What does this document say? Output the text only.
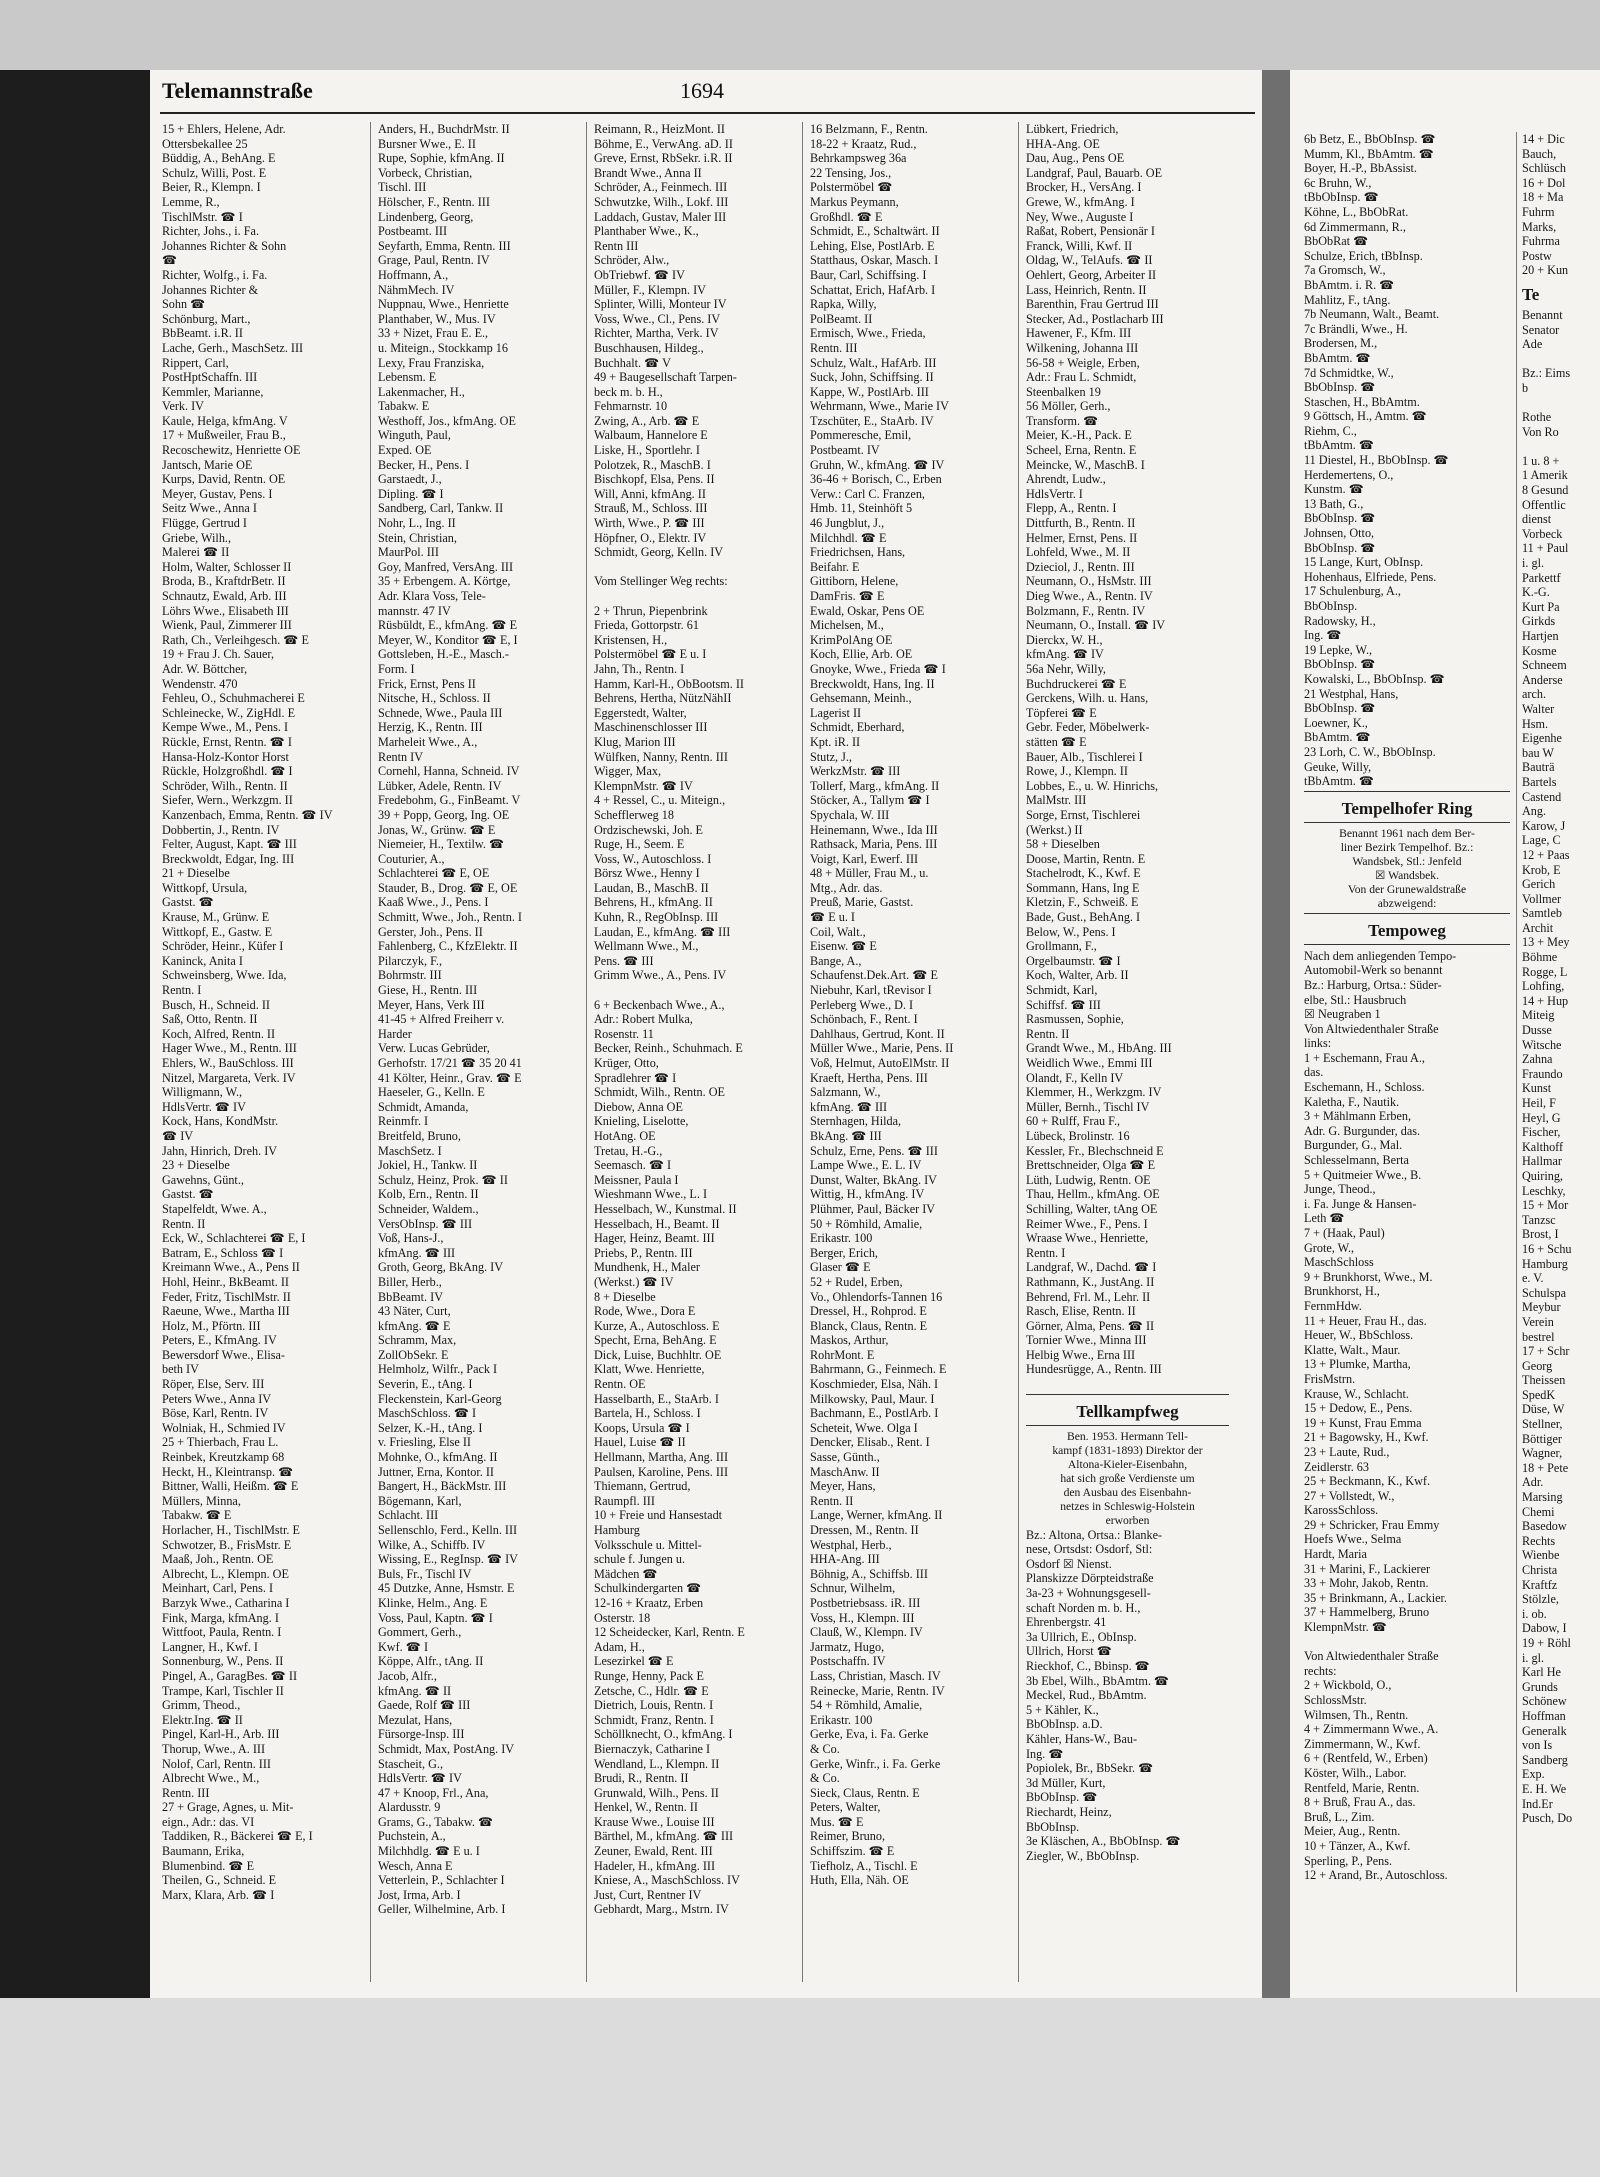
Telemannstraße	1694
15 + Ehlers, Helene, Adr.
Ottersbekallee 25
Büddig, A., BehAng. E
Schulz, Willi, Post. E
Beier, R., Klempn. I
Lemme, R.,
TischlMstr. ☎ I
Richter, Johs., i. Fa.
Johannes Richter & Sohn
☎
Richter, Wolfg., i. Fa.
Johannes Richter &
Sohn ☎
Schönburg, Mart.,
BbBeamt. i.R. II
Lache, Gerh., MaschSetz. III
Rippert, Carl,
PostHptSchaffn. III
Kemmler, Marianne,
Verk. IV
Kaule, Helga, kfmAng. V
17 + Mußweiler, Frau B.,
Recoschewitz, Henriette OE
Jantsch, Marie OE
Kurps, David, Rentn. OE
Meyer, Gustav, Pens. I
Seitz Wwe., Anna I
Flügge, Gertrud I
Griebe, Wilh.,
Malerei ☎ II
Holm, Walter, Schlosser II
Broda, B., KraftdrBetr. II
Schnautz, Ewald, Arb. III
Löhrs Wwe., Elisabeth III
Wienk, Paul, Zimmerer III
Rath, Ch., Verleihgesch. ☎ E
19 + Frau J. Ch. Sauer,
Adr. W. Böttcher,
Wendenstr. 470
Fehleu, O., Schuhmacherei E
Schleinecke, W., ZigHdl. E
Kempe Wwe., M., Pens. I
Rückle, Ernst, Rentn. ☎ I
Hansa-Holz-Kontor Horst
Rückle, Holzgroßhdl. ☎ I
Schröder, Wilh., Rentn. II
Siefer, Wern., Werkzgm. II
Kanzenbach, Emma, Rentn. ☎ IV
Dobbertin, J., Rentn. IV
Felter, August, Kapt. ☎ III
Breckwoldt, Edgar, Ing. III
21 + Dieselbe
Wittkopf, Ursula,
Gastst. ☎
Krause, M., Grünw. E
Wittkopf, E., Gastw. E
Schröder, Heinr., Küfer I
Kaninck, Anita I
Schweinsberg, Wwe. Ida,
Rentn. I
Busch, H., Schneid. II
Saß, Otto, Rentn. II
Koch, Alfred, Rentn. II
Hager Wwe., M., Rentn. III
Ehlers, W., BauSchloss. III
Nitzel, Margareta, Verk. IV
Willigmann, W.,
HdlsVertr. ☎ IV
Kock, Hans, KondMstr.
☎ IV
Jahn, Hinrich, Dreh. IV
23 + Dieselbe
Gawehns, Günt.,
Gastst. ☎
Stapelfeldt, Wwe. A.,
Rentn. II
Eck, W., Schlachterei ☎ E, I
Batram, E., Schloss ☎ I
Kreimann Wwe., A., Pens II
Hohl, Heinr., BkBeamt. II
Feder, Fritz, TischlMstr. II
Raeune, Wwe., Martha III
Holz, M., Pförtn. III
Peters, E., KfmAng. IV
Bewersdorf Wwe., Elisa-
beth IV
Röper, Else, Serv. III
Peters Wwe., Anna IV
Böse, Karl, Rentn. IV
Wolniak, H., Schmied IV
25 + Thierbach, Frau L.
Reinbek, Kreutzkamp 68
Heckt, H., Kleintransp. ☎
Bittner, Walli, Heißm. ☎ E
Müllers, Minna,
Tabakw. ☎ E
Horlacher, H., TischlMstr. E
Schwotzer, B., FrisMstr. E
Maaß, Joh., Rentn. OE
Albrecht, L., Klempn. OE
Meinhart, Carl, Pens. I
Barzyk Wwe., Catharina I
Fink, Marga, kfmAng. I
Wittfoot, Paula, Rentn. I
Langner, H., Kwf. I
Sonnenburg, W., Pens. II
Pingel, A., GaragBes. ☎ II
Trampe, Karl, Tischler II
Grimm, Theod.,
Elektr.Ing. ☎ II
Pingel, Karl-H., Arb. III
Thorup, Wwe., A. III
Nolof, Carl, Rentn. III
Albrecht Wwe., M.,
Rentn. III
27 + Grage, Agnes, u. Mit-
eign., Adr.: das. VI
Taddiken, R., Bäckerei ☎ E, I
Baumann, Erika,
Blumenbind. ☎ E
Theilen, G., Schneid. E
Marx, Klara, Arb. ☎ I
Anders, H., BuchdrMstr. II
Bursner Wwe., E. II
Rupe, Sophie, kfmAng. II
Vorbeck, Christian,
Tischl. III
Hölscher, F., Rentn. III
Lindenberg, Georg,
Postbeamt. III
Seyfarth, Emma, Rentn. III
Grage, Paul, Rentn. IV
Hoffmann, A.,
NähmMech. IV
Nuppnau, Wwe., Henriette
Planthaber, W., Mus. IV
33 + Nizet, Frau E. E.,
u. Miteign., Stockkamp 16
Lexy, Frau Franziska,
Lebensm. E
Lakenmacher, H.,
Tabakw. E
Westhoff, Jos., kfmAng. OE
Winguth, Paul,
Exped. OE
Becker, H., Pens. I
Garstaedt, J.,
Dipling. ☎ I
Sandberg, Carl, Tankw. II
Nohr, L., Ing. II
Stein, Christian,
MaurPol. III
Goy, Manfred, VersAng. III
35 + Erbengem. A. Körtge,
Adr. Klara Voss, Tele-
mannstr. 47 IV
Rüsbüldt, E., kfmAng. ☎ E
Meyer, W., Konditor ☎ E, I
Gottsleben, H.-E., Masch.-
Form. I
Frick, Ernst, Pens II
Nitsche, H., Schloss. II
Schnede, Wwe., Paula III
Herzig, K., Rentn. III
Marheleit Wwe., A.,
Rentn IV
Cornehl, Hanna, Schneid. IV
Lübker, Adele, Rentn. IV
Fredebohm, G., FinBeamt. V
39 + Popp, Georg, Ing. OE
Jonas, W., Grünw. ☎ E
Niemeier, H., Textilw. ☎
Couturier, A.,
Schlachterei ☎ E, OE
Stauder, B., Drog. ☎ E, OE
Kaaß Wwe., J., Pens. I
Schmitt, Wwe., Joh., Rentn. I
Gerster, Joh., Pens. II
Fahlenberg, C., KfzElektr. II
Pilarczyk, F.,
Bohrmstr. III
Giese, H., Rentn. III
Meyer, Hans, Verk III
41-45 + Alfred Freiherr v.
Harder
Verw. Lucas Gebrüder,
Gerhofstr. 17/21 ☎ 35 20 41
41 Költer, Heinr., Grav. ☎ E
Haeseler, G., Kelln. E
Schmidt, Amanda,
Reinmfr. I
Breitfeld, Bruno,
MaschSetz. I
Jokiel, H., Tankw. II
Schulz, Heinz, Prok. ☎ II
Kolb, Ern., Rentn. II
Schneider, Waldem.,
VersObInsp. ☎ III
Voß, Hans-J.,
kfmAng. ☎ III
Groth, Georg, BkAng. IV
Biller, Herb.,
BbBeamt. IV
43 Näter, Curt,
kfmAng. ☎ E
Schramm, Max,
ZollObSekr. E
Helmholz, Wilfr., Pack I
Severin, E., tAng. I
Fleckenstein, Karl-Georg
MaschSchloss. ☎ I
Selzer, K.-H., tAng. I
v. Friesling, Else II
Mohnke, O., kfmAng. II
Juttner, Erna, Kontor. II
Bangert, H., BäckMstr. III
Bögemann, Karl,
Schlacht. III
Sellenschlo, Ferd., Kelln. III
Wilke, A., Schiffb. IV
Wissing, E., RegInsp. ☎ IV
Buls, Fr., Tischl IV
45 Dutzke, Anne, Hsmstr. E
Klinke, Helm., Ang. E
Voss, Paul, Kaptn. ☎ I
Gommert, Gerh.,
Kwf. ☎ I
Köppe, Alfr., tAng. II
Jacob, Alfr.,
kfmAng. ☎ II
Gaede, Rolf ☎ III
Mezulat, Hans,
Fürsorge-Insp. III
Schmidt, Max, PostAng. IV
Stascheit, G.,
HdlsVertr. ☎ IV
47 + Knoop, Frl., Ana,
Alardusstr. 9
Grams, G., Tabakw. ☎
Puchstein, A.,
Milchhdlg. ☎ E u. I
Wesch, Anna E
Vetterlein, P., Schlachter I
Jost, Irma, Arb. I
Geller, Wilhelmine, Arb. I
Reimann, R., HeizMont. II
Böhme, E., VerwAng. aD. II
Greve, Ernst, RbSekr. i.R. II
Brandt Wwe., Anna II
Schröder, A., Feinmech. III
Schwutzke, Wilh., Lokf. III
Laddach, Gustav, Maler III
Planthaber Wwe., K.,
Rentn III
Schröder, Alw.,
ObTriebwf. ☎ IV
Müller, F., Klempn. IV
Splinter, Willi, Monteur IV
Voss, Wwe., Cl., Pens. IV
Richter, Martha, Verk. IV
Buschhausen, Hildeg.,
Buchhalt. ☎ V
49 + Baugesellschaft Tarpen-
beck m. b. H.,
Fehmarnstr. 10
Zwing, A., Arb. ☎ E
Walbaum, Hannelore E
Liske, H., Sportlehr. I
Polotzek, R., MaschB. I
Bischkopf, Elsa, Pens. II
Will, Anni, kfmAng. II
Strauß, M., Schloss. III
Wirth, Wwe., P. ☎ III
Höpfner, O., Elektr. IV
Schmidt, Georg, Kelln. IV

Vom Stellinger Weg rechts:

2 + Thrun, Piepenbrink
Frieda, Gottorpstr. 61
Kristensen, H.,
Polstermöbel ☎ E u. I
Jahn, Th., Rentn. I
Hamm, Karl-H., ObBootsm. II
Behrens, Hertha, NützNähII
Eggerstedt, Walter,
Maschinenschlosser III
Klug, Marion III
Wülfken, Nanny, Rentn. III
Wigger, Max,
KlempnMstr. ☎ IV
4 + Ressel, C., u. Miteign.,
Schefflerweg 18
Ordzischewski, Joh. E
Ruge, H., Seem. E
Voss, W., Autoschloss. I
Börsz Wwe., Henny I
Laudan, B., MaschB. II
Behrens, H., kfmAng. II
Kuhn, R., RegObInsp. III
Laudan, E., kfmAng. ☎ III
Wellmann Wwe., M.,
Pens. ☎ III
Grimm Wwe., A., Pens. IV

6 + Beckenbach Wwe., A.,
Adr.: Robert Mulka,
Rosenstr. 11
Becker, Reinh., Schuhmach. E
Krüger, Otto,
Spradlehrer ☎ I
Schmidt, Wilh., Rentn. OE
Diebow, Anna OE
Knieling, Liselotte,
HotAng. OE
Tretau, H.-G.,
Seemasch. ☎ I
Meissner, Paula I
Wieshmann Wwe., L. I
Hesselbach, W., Kunstmal. II
Hesselbach, H., Beamt. II
Hager, Heinz, Beamt. III
Priebs, P., Rentn. III
Mundhenk, H., Maler
(Werkst.) ☎ IV
8 + Dieselbe
Rode, Wwe., Dora E
Kurze, A., Autoschloss. E
Specht, Erna, BehAng. E
Dick, Luise, Buchhltr. OE
Klatt, Wwe. Henriette,
Rentn. OE
Hasselbarth, E., StaArb. I
Bartela, H., Schloss. I
Koops, Ursula ☎ I
Hauel, Luise ☎ II
Hellmann, Martha, Ang. III
Paulsen, Karoline, Pens. III
Thiemann, Gertrud,
Raumpfl. III
10 + Freie und Hansestadt
Hamburg
Volksschule u. Mittel-
schule f. Jungen u.
Mädchen ☎
Schulkindergarten ☎
12-16 + Kraatz, Erben
Osterstr. 18
12 Scheidecker, Karl, Rentn. E
Adam, H.,
Lesezirkel ☎ E
Runge, Henny, Pack E
Zetsche, C., Hdlr. ☎ E
Dietrich, Louis, Rentn. I
Schmidt, Franz, Rentn. I
Schöllknecht, O., kfmAng. I
Biernaczyk, Catharine I
Wendland, L., Klempn. II
Brudi, R., Rentn. II
Grunwald, Wilh., Pens. II
Henkel, W., Rentn. II
Krause Wwe., Louise III
Bärthel, M., kfmAng. ☎ III
Zeuner, Ewald, Rent. III
Hadeler, H., kfmAng. III
Kniese, A., MaschSchloss. IV
Just, Curt, Rentner IV
Gebhardt, Marg., Mstrn. IV
16 Belzmann, F., Rentn.
18-22 + Kraatz, Rud.,
Behrkampsweg 36a
22 Tensing, Jos.,
Polstermöbel ☎
Markus Peymann,
Großhdl. ☎ E
Schmidt, E., Schaltwärt. II
Lehing, Else, PostlArb. E
Statthaus, Oskar, Masch. I
Baur, Carl, Schiffsing. I
Schattat, Erich, HafArb. I
Rapka, Willy,
PolBeamt. II
Ermisch, Wwe., Frieda,
Rentn. III
Schulz, Walt., HafArb. III
Suck, John, Schiffsing. II
Kappe, W., PostlArb. III
Wehrmann, Wwe., Marie IV
Tzschüter, E., StaArb. IV
Pommeresche, Emil,
Postbeamt. IV
Gruhn, W., kfmAng. ☎ IV
36-46 + Borisch, C., Erben
Verw.: Carl C. Franzen,
Hmb. 11, Steinhöft 5
46 Jungblut, J.,
Milchhdl. ☎ E
Friedrichsen, Hans,
Beifahr. E
Gittiborn, Helene,
DamFris. ☎ E
Ewald, Oskar, Pens OE
Michelsen, M.,
KrimPolAng OE
Koch, Ellie, Arb. OE
Gnoyke, Wwe., Frieda ☎ I
Breckwoldt, Hans, Ing. II
Gehsemann, Meinh.,
Lagerist II
Schmidt, Eberhard,
Kpt. iR. II
Stutz, J.,
WerkzMstr. ☎ III
Tollerf, Marg., kfmAng. II
Stöcker, A., Tallym ☎ I
Spychala, W. III
Heinemann, Wwe., Ida III
Rathsack, Maria, Pens. III
Voigt, Karl, Ewerf. III
48 + Müller, Frau M., u.
Mtg., Adr. das.
Preuß, Marie, Gastst.
☎ E u. I
Coil, Walt.,
Eisenw. ☎ E
Bange, A.,
Schaufenst.Dek.Art. ☎ E
Niebuhr, Karl, tRevisor I
Perleberg Wwe., D. I
Schönbach, F., Rent. I
Dahlhaus, Gertrud, Kont. II
Müller Wwe., Marie, Pens. II
Voß, Helmut, AutoElMstr. II
Kraeft, Hertha, Pens. III
Salzmann, W.,
kfmAng. ☎ III
Sternhagen, Hilda,
BkAng. ☎ III
Schulz, Erne, Pens. ☎ III
Lampe Wwe., E. L. IV
Dunst, Walter, BkAng. IV
Wittig, H., kfmAng. IV
Plühmer, Paul, Bäcker IV
50 + Römhild, Amalie,
Erikastr. 100
Berger, Erich,
Glaser ☎ E
52 + Rudel, Erben,
Vo., Ohlendorfs-Tannen 16
Dressel, H., Rohprod. E
Blanck, Claus, Rentn. E
Maskos, Arthur,
RohrMont. E
Bahrmann, G., Feinmech. E
Koschmieder, Elsa, Näh. I
Milkowsky, Paul, Maur. I
Bachmann, E., PostlArb. I
Scheteit, Wwe. Olga I
Dencker, Elisab., Rent. I
Sasse, Günth.,
MaschAnw. II
Meyer, Hans,
Rentn. II
Lange, Werner, kfmAng. II
Dressen, M., Rentn. II
Westphal, Herb.,
HHA-Ang. III
Böhnig, A., Schiffsb. III
Schnur, Wilhelm,
Postbetriebsass. iR. III
Voss, H., Klempn. III
Clauß, W., Klempn. IV
Jarmatz, Hugo,
Postschaffn. IV
Lass, Christian, Masch. IV
Reinecke, Marie, Rentn. IV
54 + Römhild, Amalie,
Erikastr. 100
Gerke, Eva, i. Fa. Gerke
& Co.
Gerke, Winfr., i. Fa. Gerke
& Co.
Sieck, Claus, Rentn. E
Peters, Walter,
Mus. ☎ E
Reimer, Bruno,
Schiffszim. ☎ E
Tiefholz, A., Tischl. E
Huth, Ella, Näh. OE
Lübkert, Friedrich,
HHA-Ang. OE
Dau, Aug., Pens OE
Landgraf, Paul, Bauarb. OE
Brocker, H., VersAng. I
Grewe, W., kfmAng. I
Ney, Wwe., Auguste I
Raßat, Robert, Pensionär I
Franck, Willi, Kwf. II
Oldag, W., TelAufs. ☎ II
Oehlert, Georg, Arbeiter II
Lass, Heinrich, Rentn. II
Barenthin, Frau Gertrud III
Stecker, Ad., Postlacharb III
Hawener, F., Kfm. III
Wilkening, Johanna III
56-58 + Weigle, Erben,
Adr.: Frau L. Schmidt,
Steenbalken 19
56 Möller, Gerh.,
Transform. ☎
Meier, K.-H., Pack. E
Scheel, Erna, Rentn. E
Meincke, W., MaschB. I
Ahrendt, Ludw.,
HdlsVertr. I
Flepp, A., Rentn. I
Dittfurth, B., Rentn. II
Helmer, Ernst, Pens. II
Lohfeld, Wwe., M. II
Dzieciol, J., Rentn. III
Neumann, O., HsMstr. III
Dieg Wwe., A., Rentn. IV
Bolzmann, F., Rentn. IV
Neumann, O., Install. ☎ IV
Dierckx, W. H.,
kfmAng. ☎ IV
56a Nehr, Willy,
Buchdruckerei ☎ E
Gerckens, Wilh. u. Hans,
Töpferei ☎ E
Gebr. Feder, Möbelwerk-
stätten ☎ E
Bauer, Alb., Tischlerei I
Rowe, J., Klempn. II
Lobbes, E., u. W. Hinrichs,
MalMstr. III
Sorge, Ernst, Tischlerei
(Werkst.) II
58 + Dieselben
Doose, Martin, Rentn. E
Stachelrodt, K., Kwf. E
Sommann, Hans, Ing E
Kletzin, F., Schweiß. E
Bade, Gust., BehAng. I
Below, W., Pens. I
Grollmann, F.,
Orgelbaumstr. ☎ I
Koch, Walter, Arb. II
Schmidt, Karl,
Schiffsf. ☎ III
Rasmussen, Sophie,
Rentn. II
Grandt Wwe., M., HbAng. III
Weidlich Wwe., Emmi III
Olandt, F., Kelln IV
Klemmer, H., Werkzgm. IV
Müller, Bernh., Tischl IV
60 + Rulff, Frau F.,
Lübeck, Brolinstr. 16
Kessler, Fr., Blechschneid E
Brettschneider, Olga ☎ E
Lüth, Ludwig, Rentn. OE
Thau, Hellm., kfmAng. OE
Schilling, Walter, tAng OE
Reimer Wwe., F., Pens. I
Wraase Wwe., Henriette,
Rentn. I
Landgraf, W., Dachd. ☎ I
Rathmann, K., JustAng. II
Behrend, Frl. M., Lehr. II
Rasch, Elise, Rentn. II
Görner, Alma, Pens. ☎ II
Tornier Wwe., Minna III
Helbig Wwe., Erna III
Hundesrügge, A., Rentn. III

Tellkampfweg
Ben. 1953. Hermann Tell-
kampf (1831-1893) Direktor der
Altona-Kieler-Eisenbahn,
hat sich große Verdienste um
den Ausbau des Eisenbahn-
netzes in Schleswig-Holstein
erworben
Bz.: Altona, Ortsa.: Blanke-
nese, Ortsdst: Osdorf, Stl:
Osdorf ☒ Nienst.
Planskizze Dörpteidstraße
3a-23 + Wohnungsgesell-
schaft Norden m. b. H.,
Ehrenbergstr. 41
3a Ullrich, E., ObInsp.
Ullrich, Horst ☎
Rieckhof, C., Bbinsp. ☎
3b Ebel, Wilh., BbAmtm. ☎
Meckel, Rud., BbAmtm.
5 + Kähler, K.,
BbObInsp. a.D.
Kähler, Hans-W., Bau-
Ing. ☎
Popiolek, Br., BbSekr. ☎
3d Müller, Kurt,
BbObInsp. ☎
Riechardt, Heinz,
BbObInsp.
3e Kläschen, A., BbObInsp. ☎
Ziegler, W., BbObInsp.
6b Betz, E., BbObInsp. ☎
Mumm, Kl., BbAmtm. ☎
Boyer, H.-P., BbAssist.
6c Bruhn, W.,
tBbObInsp. ☎
Köhne, L., BbObRat.
6d Zimmermann, R.,
BbObRat ☎
Schulze, Erich, tBbInsp.
7a Gromsch, W.,
BbAmtm. i. R. ☎
Mahlitz, F., tAng.
7b Neumann, Walt., Beamt.
7c Brändli, Wwe., H.
Brodersen, M.,
BbAmtm. ☎
7d Schmidtke, W.,
BbObInsp. ☎
Staschen, H., BbAmtm.
9 Göttsch, H., Amtm. ☎
Riehm, C.,
tBbAmtm. ☎
11 Diestel, H., BbObInsp. ☎
Herdemertens, O.,
Kunstm. ☎
13 Bath, G.,
BbObInsp. ☎
Johnsen, Otto,
BbObInsp. ☎
15 Lange, Kurt, ObInsp.
Hohenhaus, Elfriede, Pens.
17 Schulenburg, A.,
BbObInsp.
Radowsky, H.,
Ing. ☎
19 Lepke, W.,
BbObInsp. ☎
Kowalski, L., BbObInsp. ☎
21 Westphal, Hans,
BbObInsp. ☎
Loewner, K.,
BbAmtm. ☎
23 Lorh, C. W., BbObInsp.
Geuke, Willy,
tBbAmtm. ☎
Tempelhofer Ring
Benannt 1961 nach dem Ber-
liner Bezirk Tempelhof. Bz.:
Wandsbek, Stl.: Jenfeld
☒ Wandsbek.
Von der Grunewaldstraße
abzweigend:
Tempoweg
Nach dem anliegenden Tempo-
Automobil-Werk so benannt
Bz.: Harburg, Ortsa.: Süder-
elbe, Stl.: Hausbruch
☒ Neugraben 1
Von Altwiedenthaler Straße
links:
1 + Eschemann, Frau A.,
das.
Eschemann, H., Schloss.
Kaletha, F., Nautik.
3 + Mählmann Erben,
Adr. G. Burgunder, das.
Burgunder, G., Mal.
Schlesselmann, Berta
5 + Quitmeier Wwe., B.
Junge, Theod.,
i. Fa. Junge & Hansen-
Leth ☎
7 + (Haak, Paul)
Grote, W.,
MaschSchloss
9 + Brunkhorst, Wwe., M.
Brunkhorst, H.,
FernmHdw.
11 + Heuer, Frau H., das.
Heuer, W., BbSchloss.
Klatte, Walt., Maur.
13 + Plumke, Martha,
FrisMstrn.
Krause, W., Schlacht.
15 + Dedow, E., Pens.
19 + Kunst, Frau Emma
21 + Bagowsky, H., Kwf.
23 + Laute, Rud.,
Zeidlerstr. 63
25 + Beckmann, K., Kwf.
27 + Vollstedt, W.,
KarossSchloss.
29 + Schricker, Frau Emmy
Hoefs Wwe., Selma
Hardt, Maria
31 + Marini, F., Lackierer
33 + Mohr, Jakob, Rentn.
35 + Brinkmann, A., Lackier.
37 + Hammelberg, Bruno
KlempnMstr. ☎

Von Altwiedenthaler Straße
rechts:
2 + Wickbold, O.,
SchlossMstr.
Wilmsen, Th., Rentn.
4 + Zimmermann Wwe., A.
Zimmermann, W., Kwf.
6 + (Rentfeld, W., Erben)
Köster, Wilh., Labor.
Rentfeld, Marie, Rentn.
8 + Bruß, Frau A., das.
Bruß, L., Zim.
Meier, Aug., Rentn.
10 + Tänzer, A., Kwf.
Sperling, P., Pens.
12 + Arand, Br., Autoschloss.
14 + Dic
Bauch,
Schlüsch
16 + Dol
18 + Ma
Fuhrm
Marks,
Fuhrma
Postw
20 + Kun
Te
Benannt
Senator
Ade

Bz.: Eims
b

Rothe
Von Ro

1 u. 8 +
1 Amerik
8 Gesund
Offentlic
dienst
Vorbeck
11 + Paul
i. gl.
Parkettf
K.-G.
Kurt Pa
Girkds
Hartjen
Kosme
Schneem
Anderse
arch.
Walter
Hsm.
Eigenhe
bau W
Bauträ
Bartels
Castend
Ang.
Karow, J
Lage, C
12 + Paas
Krob, E
Gerich
Vollmer
Samtleb
Archit
13 + Mey
Böhme
Rogge, L
Lohfing,
14 + Hup
Miteig
Dusse
Witsche
Zahna
Fraundo
Kunst
Heil, F
Heyl, G
Fischer,
Kalthoff
Hallmar
Quiring,
Leschky,
15 + Mor
Tanzsc
Brost, I
16 + Schu
Hamburg
e. V.
Schulspa
Meybur
Verein
bestrel
17 + Schr
Georg
Theissen
SpedK
Düse, W
Stellner,
Böttiger
Wagner,
18 + Pete
Adr.
Marsing
Chemi
Basedow
Rechts
Wienbe
Christa
Kraftfz
Stölzle,
i. ob.
Dabow, I
19 + Röhl
i. gl.
Karl He
Grunds
Schönew
Hoffman
Generalk
von Is
Sandberg
Exp.
E. H. We
Ind.Er
Pusch, Do
